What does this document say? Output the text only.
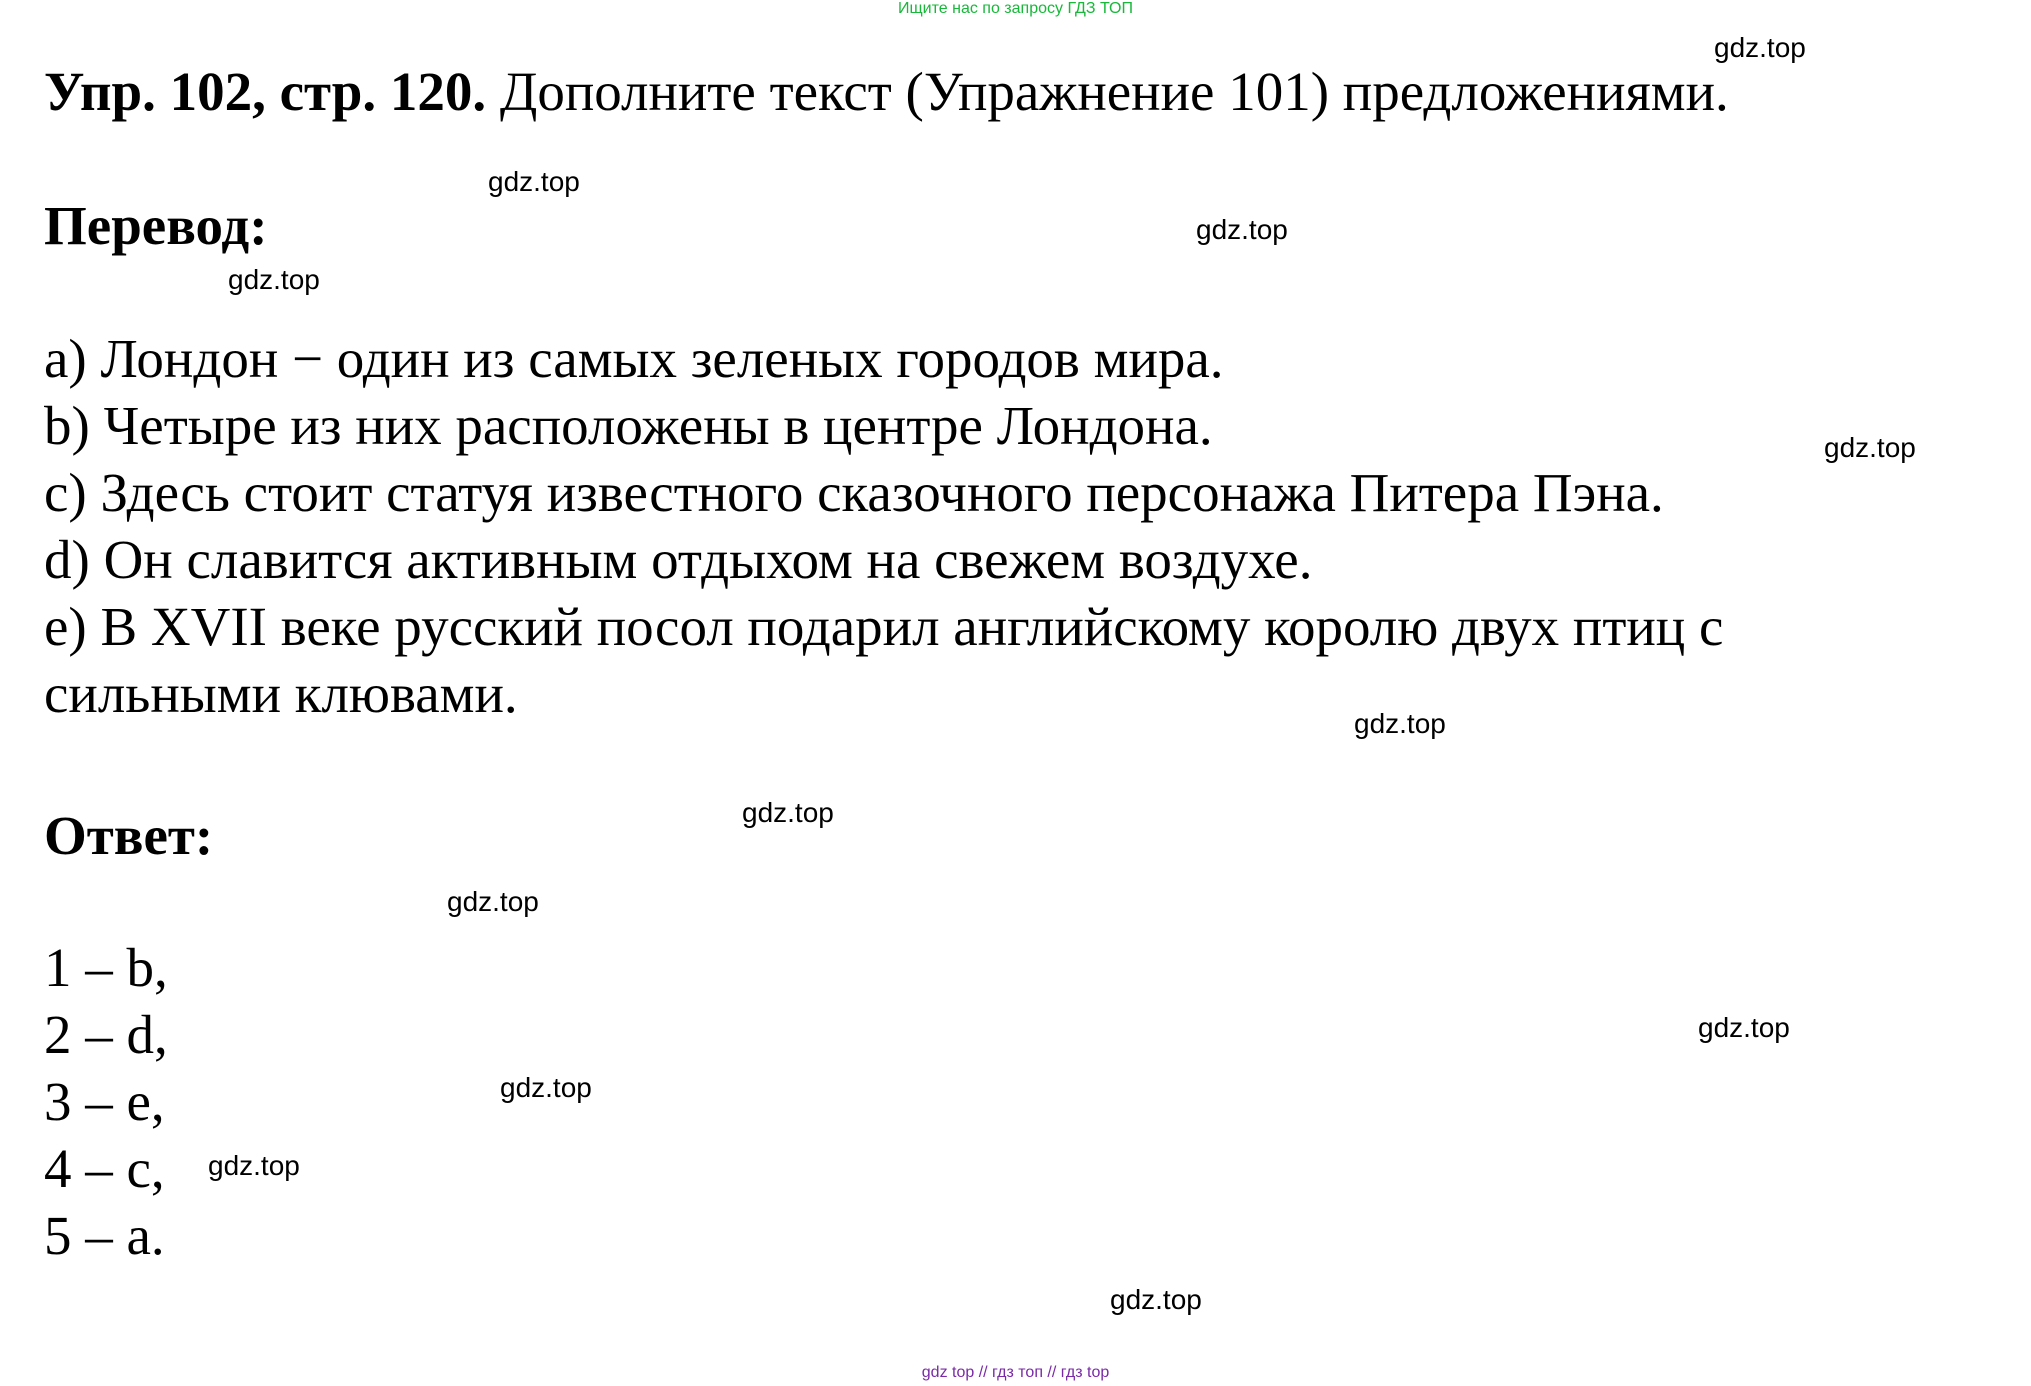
Ищите нас по запросу ГДЗ ТОП
Упр. 102, стр. 120. Дополните текст (Упражнение 101) предложениями.
Перевод:
a) Лондон − один из самых зеленых городов мира.
b) Четыре из них расположены в центре Лондона.
c) Здесь стоит статуя известного сказочного персонажа Питера Пэна.
d) Он славится активным отдыхом на свежем воздухе.
e) В XVII веке русский посол подарил английскому королю двух птиц с
сильными клювами.
Ответ:
1 – b,
2 – d,
3 – e,
4 – c,
5 – a.
gdz.top
gdz.top
gdz.top
gdz.top
gdz.top
gdz.top
gdz.top
gdz.top
gdz.top
gdz.top
gdz.top
gdz.top
gdz top // гдз топ // гдз top
